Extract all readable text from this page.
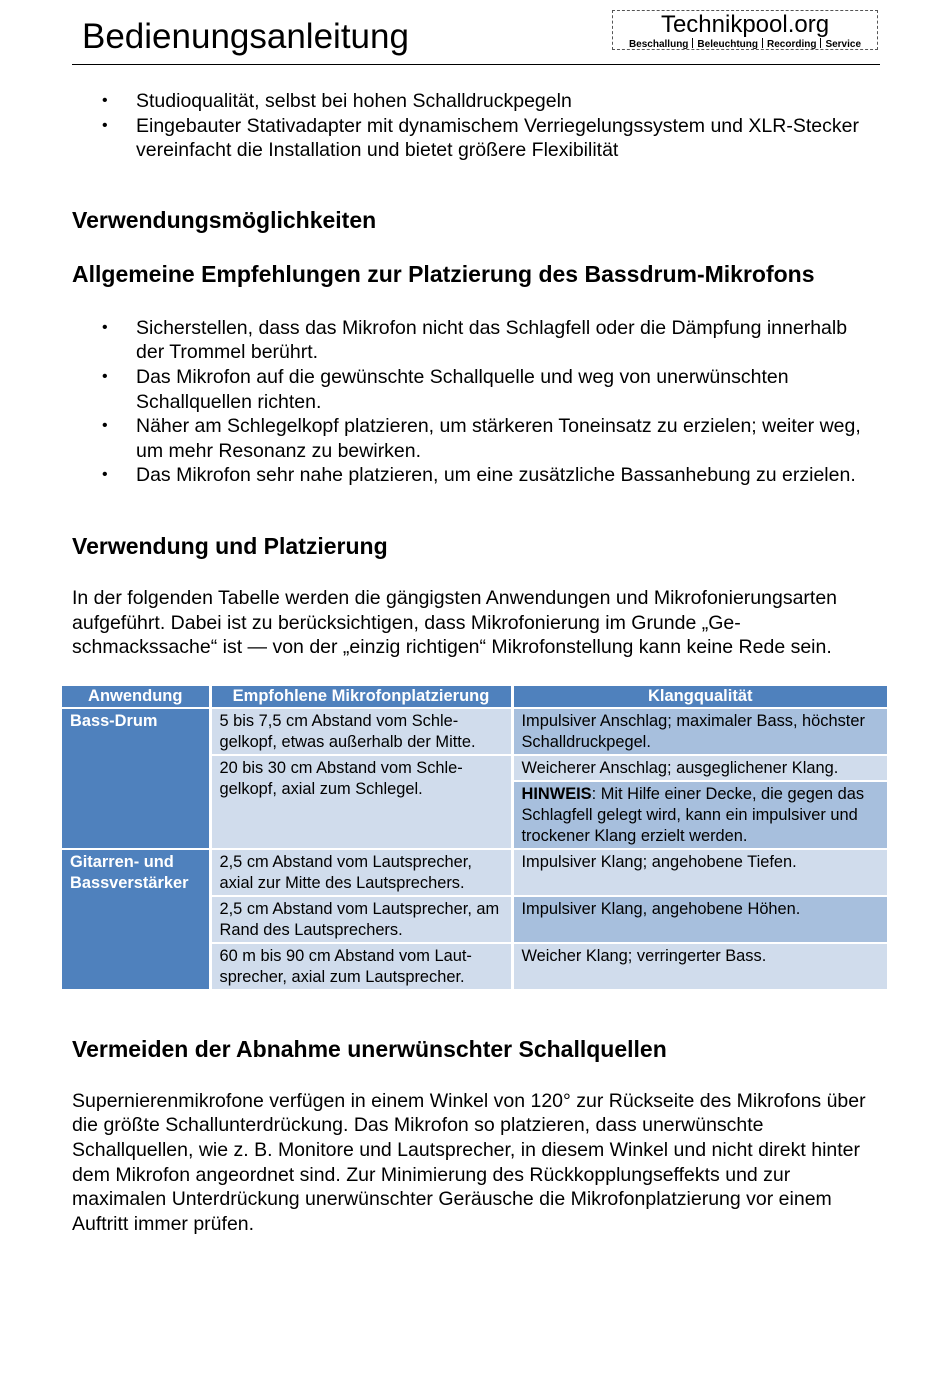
Bedienungsanleitung	Technikpool.org
Beschallung Beleuchtung Recording Service
• Studioqualität, selbst bei hohen Schalldruckpegeln
• Eingebauter Stativadapter mit dynamischem Verriegelungssystem und XLR-Stecker vereinfacht die Installation und bietet größere Flexibilität
Verwendungsmöglichkeiten
Allgemeine Empfehlungen zur Platzierung des Bassdrum-Mikrofons
• Sicherstellen, dass das Mikrofon nicht das Schlagfell oder die Dämpfung innerhalb der Trommel berührt.
• Das Mikrofon auf die gewünschte Schallquelle und weg von unerwünschten Schallquellen richten.
• Näher am Schlegelkopf platzieren, um stärkeren Toneinsatz zu erzielen; weiter weg, um mehr Resonanz zu bewirken.
• Das Mikrofon sehr nahe platzieren, um eine zusätzliche Bassanhebung zu erzielen.
Verwendung und Platzierung

In der folgenden Tabelle werden die gängigsten Anwendungen und Mikrofonierungsarten aufgeführt. Dabei ist zu berücksichtigen, dass Mikrofonierung im Grunde „Geschmackssache“ ist — von der „einzig richtigen“ Mikrofonstellung kann keine Rede sein.

Anwendung	Empfohlene Mikrofonplatzierung	Klangqualität
Bass-Drum	5 bis 7,5 cm Abstand vom Schlegelkopf, etwas außerhalb der Mitte.	Impulsiver Anschlag; maximaler Bass, höchster Schalldruckpegel.
	20 bis 30 cm Abstand vom Schlegelkopf, axial zum Schlegel.	Weicherer Anschlag; ausgeglichener Klang.
		HINWEIS: Mit Hilfe einer Decke, die gegen das Schlagfell gelegt wird, kann ein impulsiver und trockener Klang erzielt werden.
Gitarren- und Bassverstärker	2,5 cm Abstand vom Lautsprecher, axial zur Mitte des Lautsprechers.	Impulsiver Klang; angehobene Tiefen.
	2,5 cm Abstand vom Lautsprecher, am Rand des Lautsprechers.	Impulsiver Klang, angehobene Höhen.
	60 m bis 90 cm Abstand vom Lautsprecher, axial zum Lautsprecher.	Weicher Klang; verringerter Bass.
Vermeiden der Abnahme unerwünschter Schallquellen

Supernierenmikrofone verfügen in einem Winkel von 120° zur Rückseite des Mikrofons über die größte Schallunterdrückung. Das Mikrofon so platzieren, dass unerwünschte Schallquellen, wie z. B. Monitore und Lautsprecher, in diesem Winkel und nicht direkt hinter dem Mikrofon angeordnet sind. Zur Minimierung des Rückkopplungseffekts und zur maximalen Unterdrückung unerwünschter Geräusche die Mikrofonplatzierung vor einem Auftritt immer prüfen.
